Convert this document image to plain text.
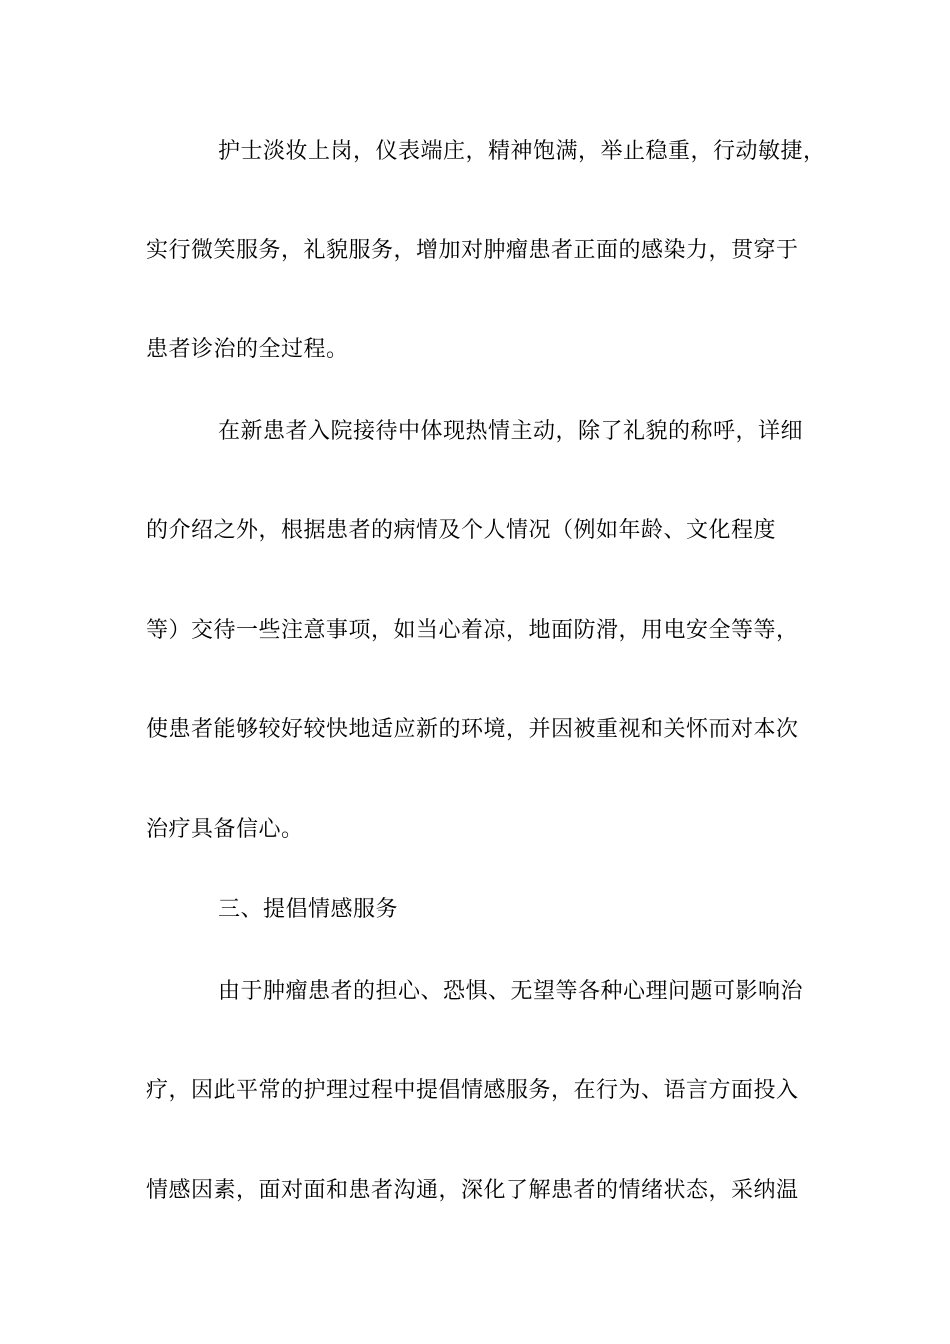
护士淡妆上岗，仪表端庄，精神饱满，举止稳重，行动敏捷，
实行微笑服务，礼貌服务，增加对肿瘤患者正面的感染力，贯穿于
患者诊治的全过程。
在新患者入院接待中体现热情主动，除了礼貌的称呼，详细
的介绍之外，根据患者的病情及个人情况（例如年龄、文化程度
等）交待一些注意事项，如当心着凉，地面防滑，用电安全等等，
使患者能够较好较快地适应新的环境，并因被重视和关怀而对本次
治疗具备信心。
三、提倡情感服务
由于肿瘤患者的担心、恐惧、无望等各种心理问题可影响治
疗，因此平常的护理过程中提倡情感服务，在行为、语言方面投入
情感因素，面对面和患者沟通，深化了解患者的情绪状态，采纳温
